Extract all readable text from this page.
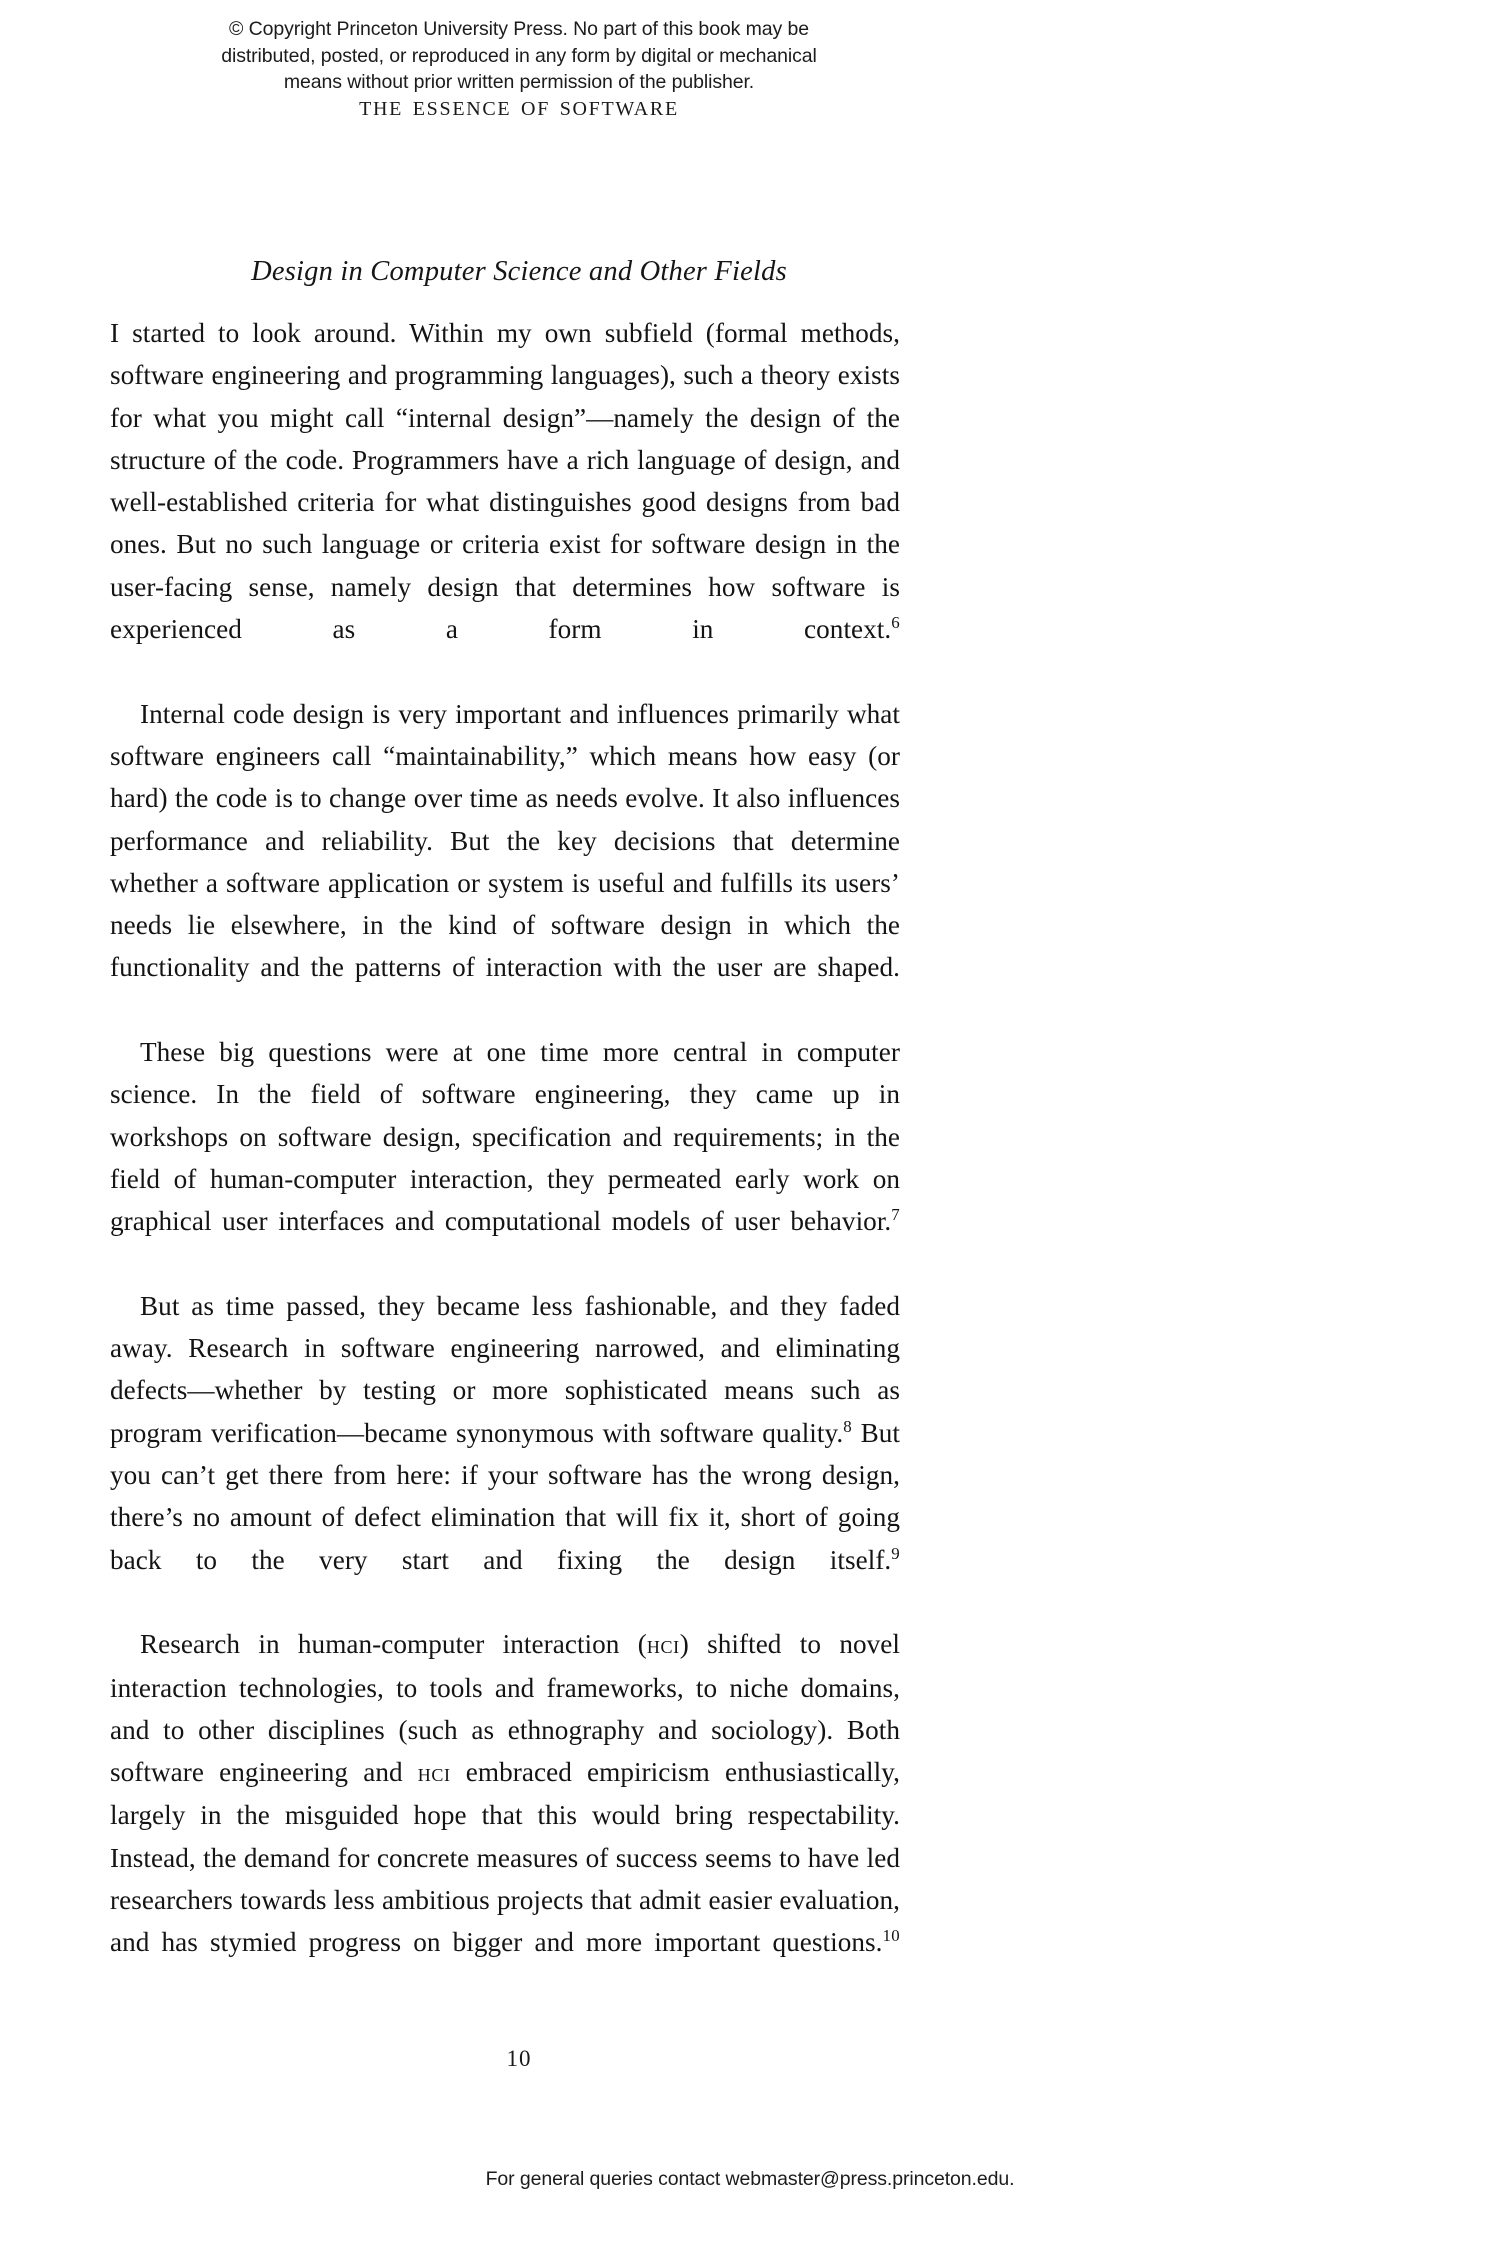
© Copyright Princeton University Press. No part of this book may be
distributed, posted, or reproduced in any form by digital or mechanical
means without prior written permission of the publisher.
THE ESSENCE OF SOFTWARE
Design in Computer Science and Other Fields

I started to look around. Within my own subfield (formal methods, software engineering and programming languages), such a theory exists for what you might call “internal design”—namely the design of the structure of the code. Programmers have a rich language of design, and well-established criteria for what distinguishes good designs from bad ones. But no such language or criteria exist for software design in the user-facing sense, namely design that determines how software is experienced as a form in context.$^6$

Internal code design is very important and influences primarily what software engineers call “maintainability,” which means how easy (or hard) the code is to change over time as needs evolve. It also influences performance and reliability. But the key decisions that determine whether a software application or system is useful and fulfills its users’ needs lie elsewhere, in the kind of software design in which the functionality and the patterns of interaction with the user are shaped.

These big questions were at one time more central in computer science. In the field of software engineering, they came up in workshops on software design, specification and requirements; in the field of human-computer interaction, they permeated early work on graphical user interfaces and computational models of user behavior.$^7$

But as time passed, they became less fashionable, and they faded away. Research in software engineering narrowed, and eliminating defects—whether by testing or more sophisticated means such as program verification—became synonymous with software quality.$^8$ But you can’t get there from here: if your software has the wrong design, there’s no amount of defect elimination that will fix it, short of going back to the very start and fixing the design itself.$^9$

Research in human-computer interaction (hci) shifted to novel interaction technologies, to tools and frameworks, to niche domains, and to other disciplines (such as ethnography and sociology). Both software engineering and hci embraced empiricism enthusiastically, largely in the misguided hope that this would bring respectability. Instead, the demand for concrete measures of success seems to have led researchers towards less ambitious projects that admit easier evaluation, and has stymied progress on bigger and more important questions.$^{10}$

10
For general queries contact webmaster@press.princeton.edu.
